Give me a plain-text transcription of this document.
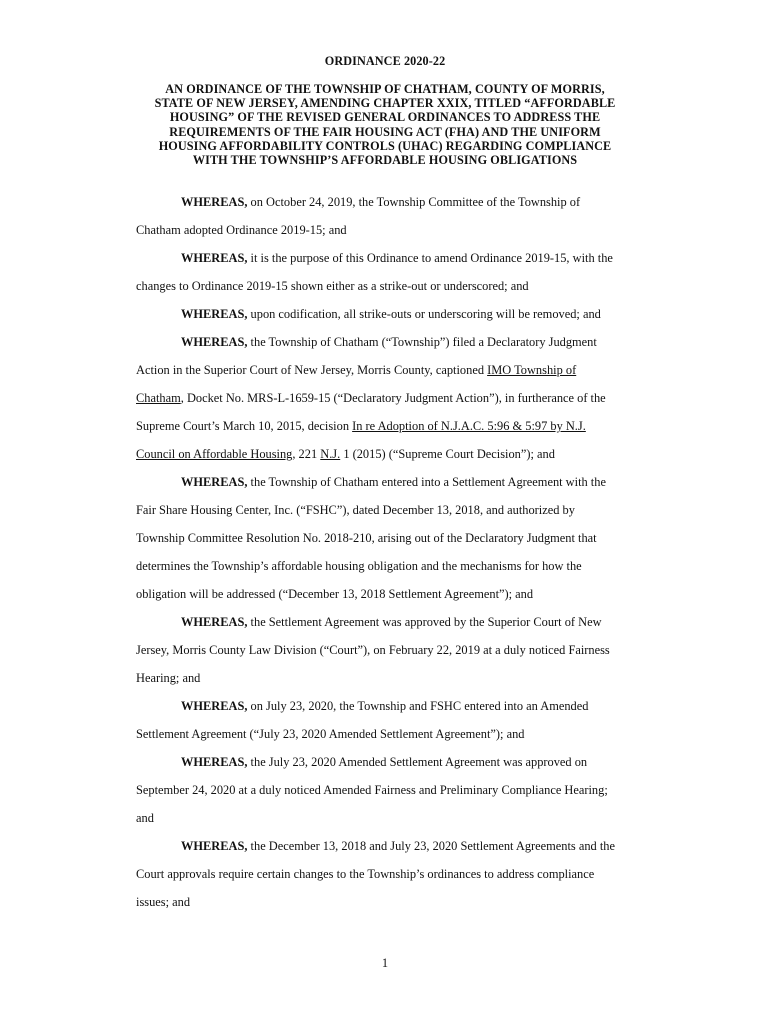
ORDINANCE 2020-22
AN ORDINANCE OF THE TOWNSHIP OF CHATHAM, COUNTY OF MORRIS,
STATE OF NEW JERSEY, AMENDING CHAPTER XXIX, TITLED “AFFORDABLE
HOUSING” OF THE REVISED GENERAL ORDINANCES TO ADDRESS THE
REQUIREMENTS OF THE FAIR HOUSING ACT (FHA) AND THE UNIFORM
HOUSING AFFORDABILITY CONTROLS (UHAC) REGARDING COMPLIANCE
WITH THE TOWNSHIP’S AFFORDABLE HOUSING OBLIGATIONS

WHEREAS, on October 24, 2019, the Township Committee of the Township of

Chatham adopted Ordinance 2019-15; and

WHEREAS, it is the purpose of this Ordinance to amend Ordinance 2019-15, with the

changes to Ordinance 2019-15 shown either as a strike-out or underscored; and

WHEREAS, upon codification, all strike-outs or underscoring will be removed; and

WHEREAS, the Township of Chatham (“Township”) filed a Declaratory Judgment

Action in the Superior Court of New Jersey, Morris County, captioned IMO Township of

Chatham, Docket No. MRS-L-1659-15 (“Declaratory Judgment Action”), in furtherance of the

Supreme Court’s March 10, 2015, decision In re Adoption of N.J.A.C. 5:96 & 5:97 by N.J.

Council on Affordable Housing, 221 N.J. 1 (2015) (“Supreme Court Decision”); and

WHEREAS, the Township of Chatham entered into a Settlement Agreement with the

Fair Share Housing Center, Inc. (“FSHC”), dated December 13, 2018, and authorized by

Township Committee Resolution No. 2018-210, arising out of the Declaratory Judgment that

determines the Township’s affordable housing obligation and the mechanisms for how the

obligation will be addressed (“December 13, 2018 Settlement Agreement”); and

WHEREAS, the Settlement Agreement was approved by the Superior Court of New

Jersey, Morris County Law Division (“Court”), on February 22, 2019 at a duly noticed Fairness

Hearing; and

WHEREAS, on July 23, 2020, the Township and FSHC entered into an Amended

Settlement Agreement (“July 23, 2020 Amended Settlement Agreement”); and

WHEREAS, the July 23, 2020 Amended Settlement Agreement was approved on

September 24, 2020 at a duly noticed Amended Fairness and Preliminary Compliance Hearing;

and

WHEREAS, the December 13, 2018 and July 23, 2020 Settlement Agreements and the

Court approvals require certain changes to the Township’s ordinances to address compliance

issues; and

1
